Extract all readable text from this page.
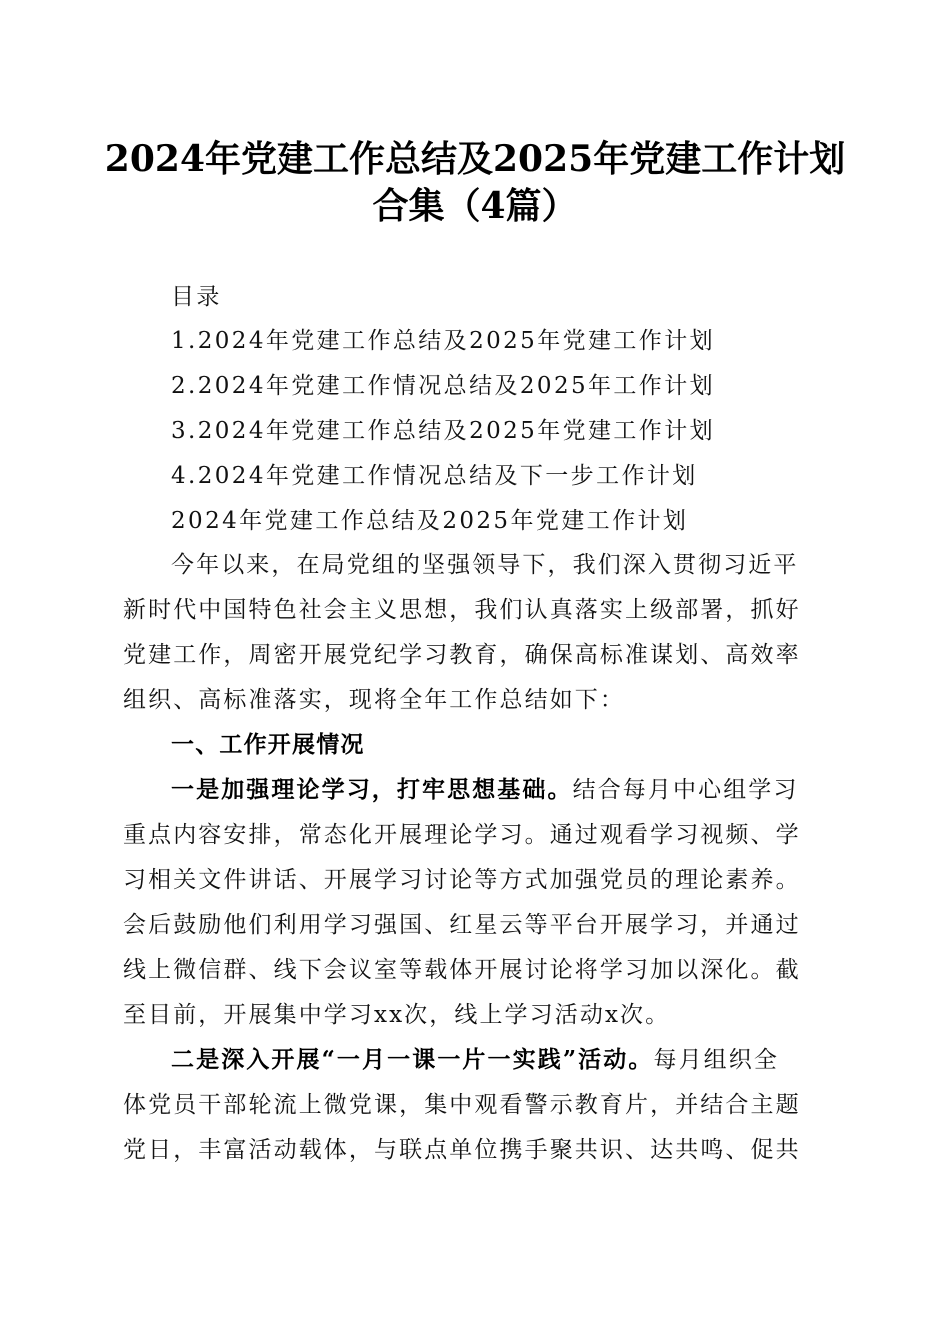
2024年党建工作总结及2025年党建工作计划
合集（4篇）
目录
1.2024年党建工作总结及2025年党建工作计划
2.2024年党建工作情况总结及2025年工作计划
3.2024年党建工作总结及2025年党建工作计划
4.2024年党建工作情况总结及下一步工作计划
2024年党建工作总结及2025年党建工作计划
今年以来，在局党组的坚强领导下，我们深入贯彻习近平
新时代中国特色社会主义思想，我们认真落实上级部署，抓好
党建工作，周密开展党纪学习教育，确保高标准谋划、高效率
组织、高标准落实，现将全年工作总结如下：
一、工作开展情况
一是加强理论学习，打牢思想基础。结合每月中心组学习
重点内容安排，常态化开展理论学习。通过观看学习视频、学
习相关文件讲话、开展学习讨论等方式加强党员的理论素养。
会后鼓励他们利用学习强国、红星云等平台开展学习，并通过
线上微信群、线下会议室等载体开展讨论将学习加以深化。截
至目前，开展集中学习xx次，线上学习活动x次。
二是深入开展“一月一课一片一实践”活动。每月组织全
体党员干部轮流上微党课，集中观看警示教育片，并结合主题
党日，丰富活动载体，与联点单位携手聚共识、达共鸣、促共
